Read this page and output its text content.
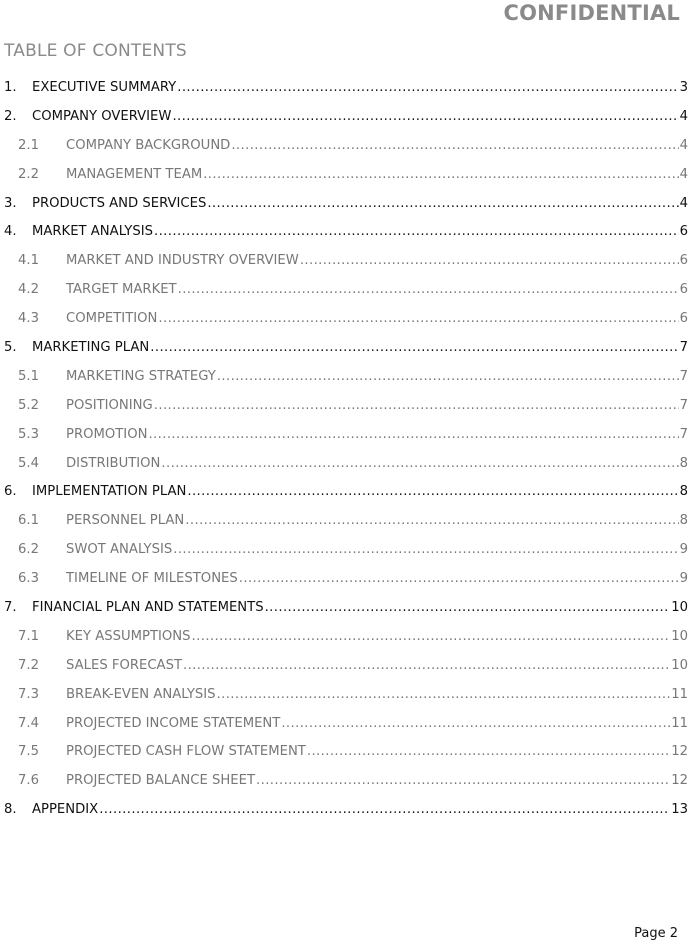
CONFIDENTIAL
TABLE OF CONTENTS
1.	EXECUTIVE SUMMARY .....	3
2.	COMPANY OVERVIEW .....	4
2.1	COMPANY BACKGROUND .....	4
2.2	MANAGEMENT TEAM .....	4
3.	PRODUCTS AND SERVICES .....	4
4.	MARKET ANALYSIS .....	6
4.1	MARKET AND INDUSTRY OVERVIEW .....	6
4.2	TARGET MARKET .....	6
4.3	COMPETITION .....	6
5.	MARKETING PLAN .....	7
5.1	MARKETING STRATEGY .....	7
5.2	POSITIONING .....	7
5.3	PROMOTION .....	7
5.4	DISTRIBUTION .....	8
6.	IMPLEMENTATION PLAN .....	8
6.1	PERSONNEL PLAN .....	8
6.2	SWOT ANALYSIS .....	9
6.3	TIMELINE OF MILESTONES .....	9
7.	FINANCIAL PLAN AND STATEMENTS .....	10
7.1	KEY ASSUMPTIONS .....	10
7.2	SALES FORECAST .....	10
7.3	BREAK-EVEN ANALYSIS .....	11
7.4	PROJECTED INCOME STATEMENT .....	11
7.5	PROJECTED CASH FLOW STATEMENT .....	12
7.6	PROJECTED BALANCE SHEET .....	12
8.	APPENDIX .....	13
Page 2
